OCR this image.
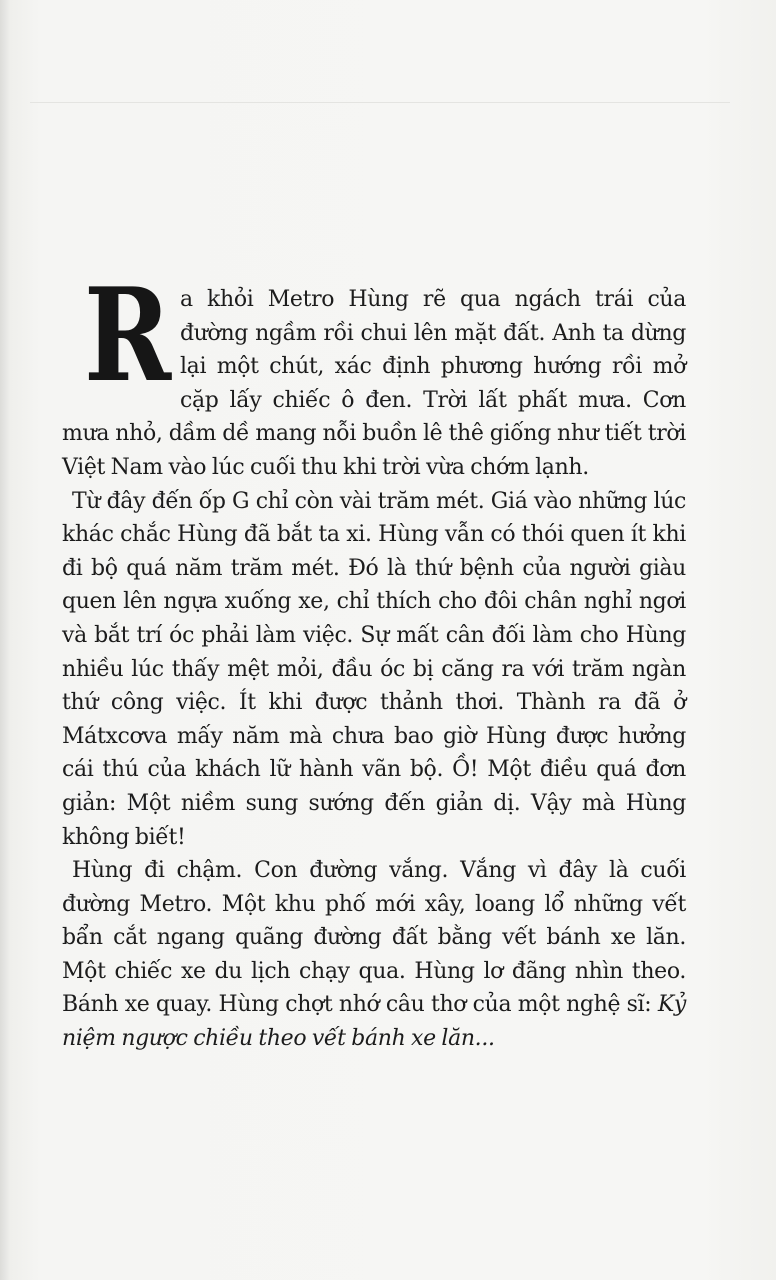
Ra khỏi Metro Hùng rẽ qua ngách trái của đường ngầm rồi chui lên mặt đất. Anh ta dừng lại một chút, xác định phương hướng rồi mở cặp lấy chiếc ô đen. Trời lất phất mưa. Cơn mưa nhỏ, dầm dề mang nỗi buồn lê thê giống như tiết trời Việt Nam vào lúc cuối thu khi trời vừa chớm lạnh.

Từ đây đến ốp G chỉ còn vài trăm mét. Giá vào những lúc khác chắc Hùng đã bắt ta xi. Hùng vẫn có thói quen ít khi đi bộ quá năm trăm mét. Đó là thứ bệnh của người giàu quen lên ngựa xuống xe, chỉ thích cho đôi chân nghỉ ngơi và bắt trí óc phải làm việc. Sự mất cân đối làm cho Hùng nhiều lúc thấy mệt mỏi, đầu óc bị căng ra với trăm ngàn thứ công việc. Ít khi được thảnh thơi. Thành ra đã ở Mátxcơva mấy năm mà chưa bao giờ Hùng được hưởng cái thú của khách lữ hành vãn bộ. Ồ! Một điều quá đơn giản: Một niềm sung sướng đến giản dị. Vậy mà Hùng không biết!

Hùng đi chậm. Con đường vắng. Vắng vì đây là cuối đường Metro. Một khu phố mới xây, loang lổ những vết bẩn cắt ngang quãng đường đất bằng vết bánh xe lăn. Một chiếc xe du lịch chạy qua. Hùng lơ đãng nhìn theo. Bánh xe quay. Hùng chợt nhớ câu thơ của một nghệ sĩ: Kỷ niệm ngược chiều theo vết bánh xe lăn...
